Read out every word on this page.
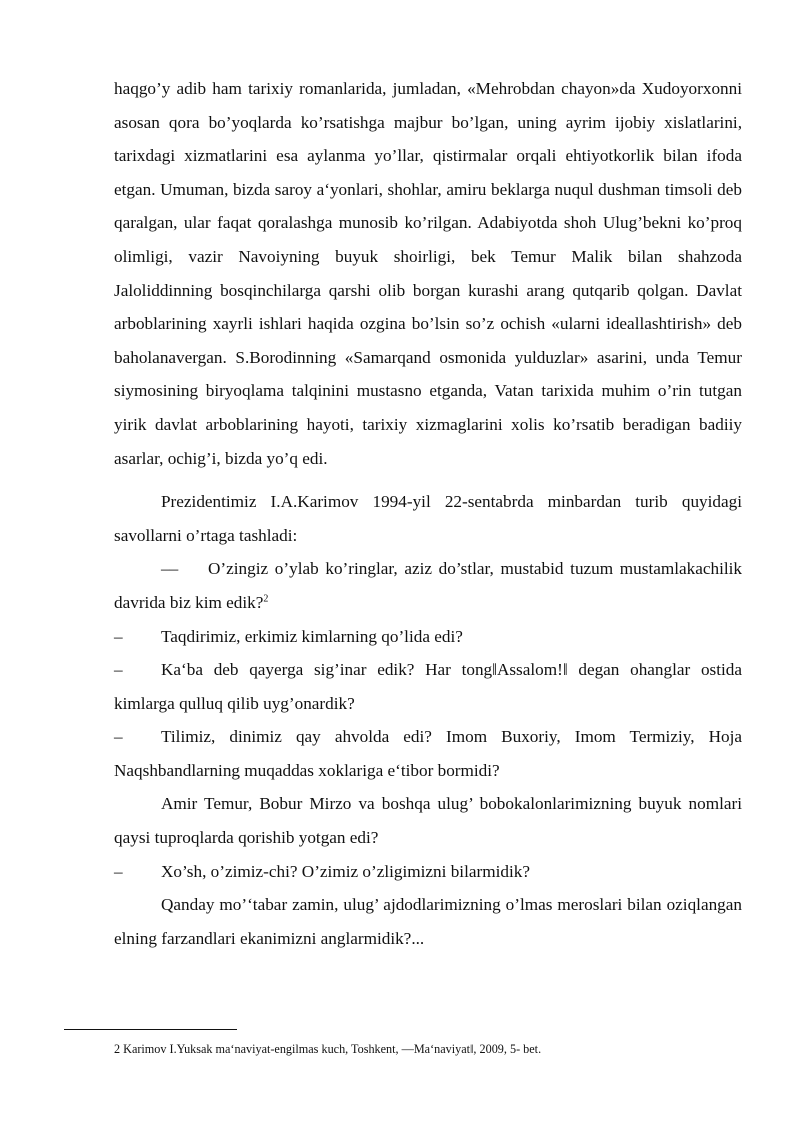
haqgo’y adib ham tarixiy romanlarida, jumladan, «Mehrobdan chayon»da Xudoyorxonni asosan qora bo’yoqlarda ko’rsatishga majbur bo’lgan, uning ayrim ijobiy xislatlarini, tarixdagi xizmatlarini esa aylanma yo’llar, qistirmalar orqali ehtiyotkorlik bilan ifoda etgan. Umuman, bizda saroy a‘yonlari, shohlar, amiru beklarga nuqul dushman timsoli deb qaralgan, ular faqat qoralashga munosib ko’rilgan. Adabiyotda shoh Ulug’bekni ko’proq olimligi, vazir Navoiyning buyuk shoirligi, bek Temur Malik bilan shahzoda Jaloliddinning bosqinchilarga qarshi olib borgan kurashi arang qutqarib qolgan. Davlat arboblarining xayrli ishlari haqida ozgina bo’lsin so’z ochish «ularni ideallashtirish» deb baholanavergan. S.Borodinning «Samarqand osmonida yulduzlar» asarini, unda Temur siymosining biryoqlama talqinini mustasno etganda, Vatan tarixida muhim o’rin tutgan yirik davlat arboblarining hayoti, tarixiy xizmaglarini xolis ko’rsatib beradigan badiiy asarlar, ochig’i, bizda yo’q edi.

Prezidentimiz I.A.Karimov 1994-yil 22-sentabrda minbardan turib quyidagi savollarni o’rtaga tashladi:

–– O’zingiz o’ylab ko’ringlar, aziz do’stlar, mustabid tuzum mustamlakachilik davrida biz kim edik?$^2$

– Taqdirimiz, erkimiz kimlarning qo’lida edi?

– Ka‘ba deb qayerga sig’inar edik? Har tong‖Assalom!‖ degan ohanglar ostida kimlarga qulluq qilib uyg’onardik?

– Tilimiz, dinimiz qay ahvolda edi? Imom Buxoriy, Imom Termiziy, Hoja Naqshbandlarning muqaddas xoklariga e‘tibor bormidi?

Amir Temur, Bobur Mirzo va boshqa ulug’ bobokalonlarimizning buyuk nomlari qaysi tuproqlarda qorishib yotgan edi?

– Xo’sh, o’zimiz-chi? O’zimiz o’zligimizni bilarmidik?

Qanday mo’‘tabar zamin, ulug’ ajdodlarimizning o’lmas meroslari bilan oziqlangan elning farzandlari ekanimizni anglarmidik?...

2 Karimov I.Yuksak ma‘naviyat-engilmas kuch, Toshkent, ―Ma‘naviyat‖, 2009, 5- bet.
